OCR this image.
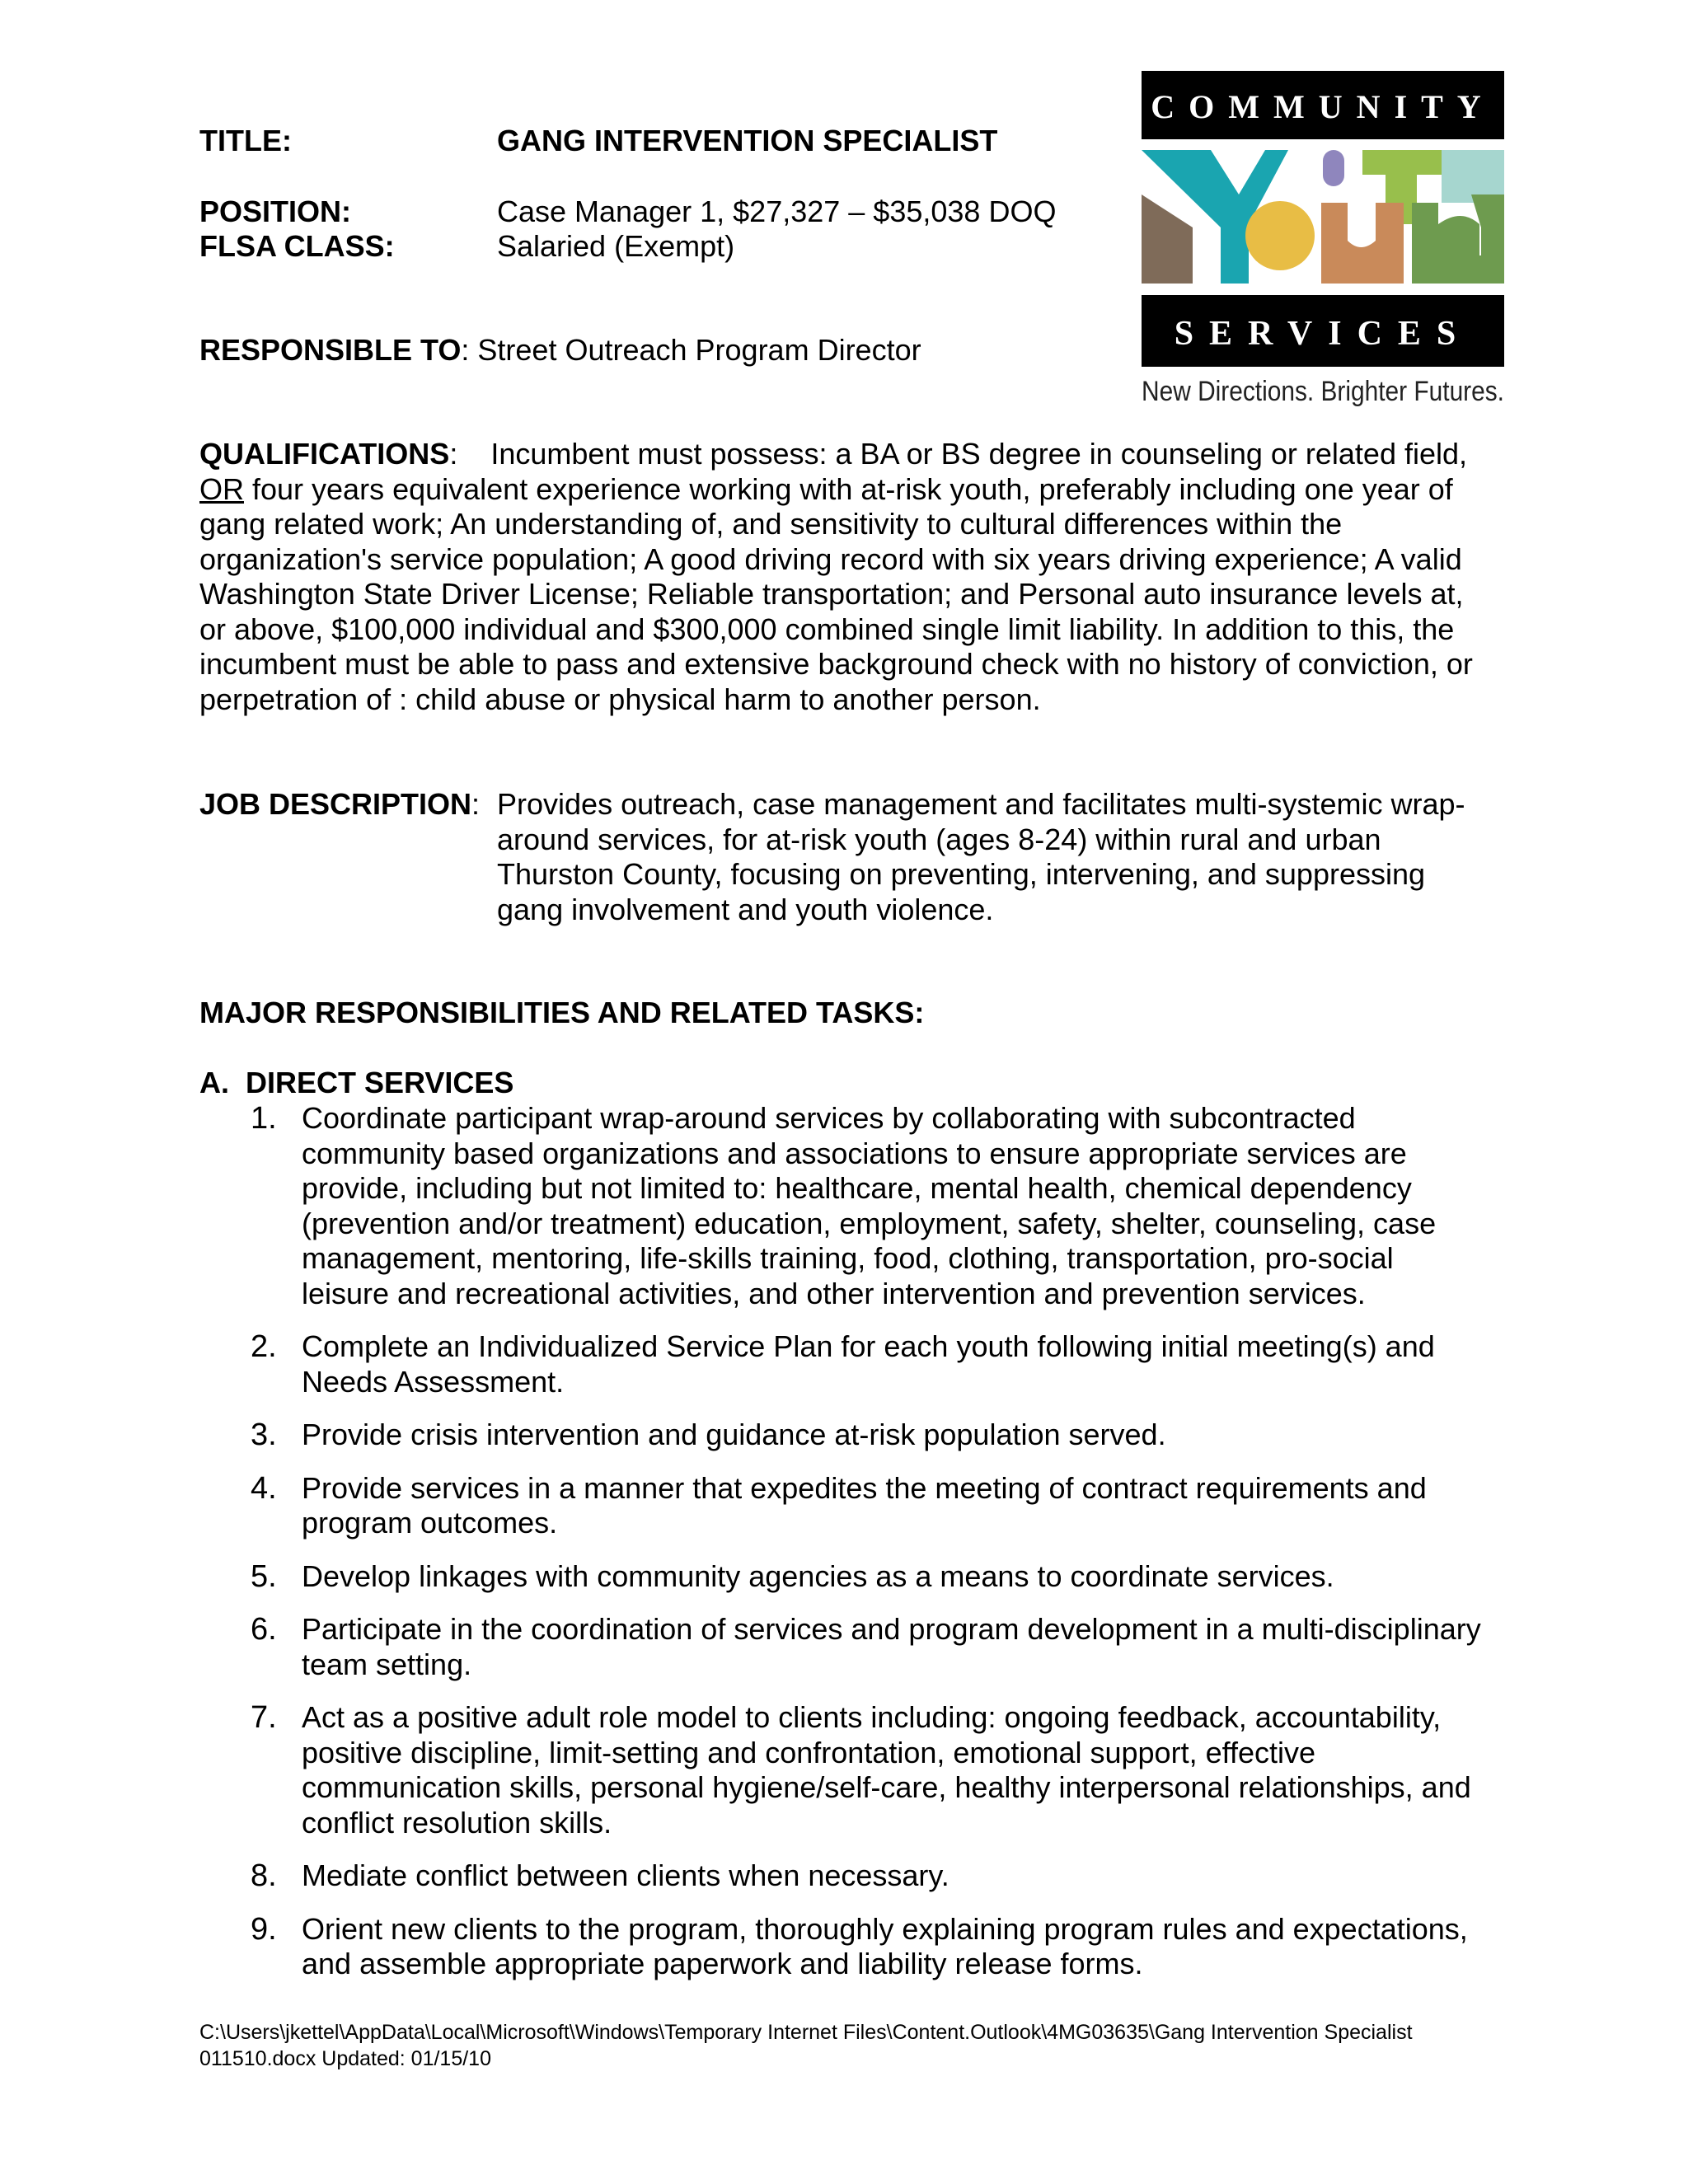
TITLE:	GANG INTERVENTION SPECIALIST
POSITION:	Case Manager 1, $27,327 – $35,038 DOQ
FLSA CLASS:	Salaried (Exempt)
RESPONSIBLE TO: Street Outreach Program Director
COMMUNITY
SERVICES
New Directions. Brighter Futures.
QUALIFICATIONS: Incumbent must possess: a BA or BS degree in counseling or related field, OR four years equivalent experience working with at-risk youth, preferably including one year of gang related work; An understanding of, and sensitivity to cultural differences within the organization's service population; A good driving record with six years driving experience; A valid Washington State Driver License; Reliable transportation; and Personal auto insurance levels at, or above, $100,000 individual and $300,000 combined single limit liability. In addition to this, the incumbent must be able to pass and extensive background check with no history of conviction, or perpetration of : child abuse or physical harm to another person.
JOB DESCRIPTION: Provides outreach, case management and facilitates multi-systemic wrap-around services, for at-risk youth (ages 8-24) within rural and urban Thurston County, focusing on preventing, intervening, and suppressing gang involvement and youth violence.
MAJOR RESPONSIBILITIES AND RELATED TASKS:
A.  DIRECT SERVICES
1. Coordinate participant wrap-around services by collaborating with subcontracted community based organizations and associations to ensure appropriate services are provide, including but not limited to: healthcare, mental health, chemical dependency (prevention and/or treatment) education, employment, safety, shelter, counseling, case management, mentoring, life-skills training, food, clothing, transportation, pro-social leisure and recreational activities, and other intervention and prevention services.
2. Complete an Individualized Service Plan for each youth following initial meeting(s) and Needs Assessment.
3. Provide crisis intervention and guidance at-risk population served.
4. Provide services in a manner that expedites the meeting of contract requirements and program outcomes.
5. Develop linkages with community agencies as a means to coordinate services.
6. Participate in the coordination of services and program development in a multi-disciplinary team setting.
7. Act as a positive adult role model to clients including: ongoing feedback, accountability, positive discipline, limit-setting and confrontation, emotional support, effective communication skills, personal hygiene/self-care, healthy interpersonal relationships, and conflict resolution skills.
8. Mediate conflict between clients when necessary.
9. Orient new clients to the program, thoroughly explaining program rules and expectations, and assemble appropriate paperwork and liability release forms.
C:\Users\jkettel\AppData\Local\Microsoft\Windows\Temporary Internet Files\Content.Outlook\4MG03635\Gang Intervention Specialist 011510.docx Updated: 01/15/10
